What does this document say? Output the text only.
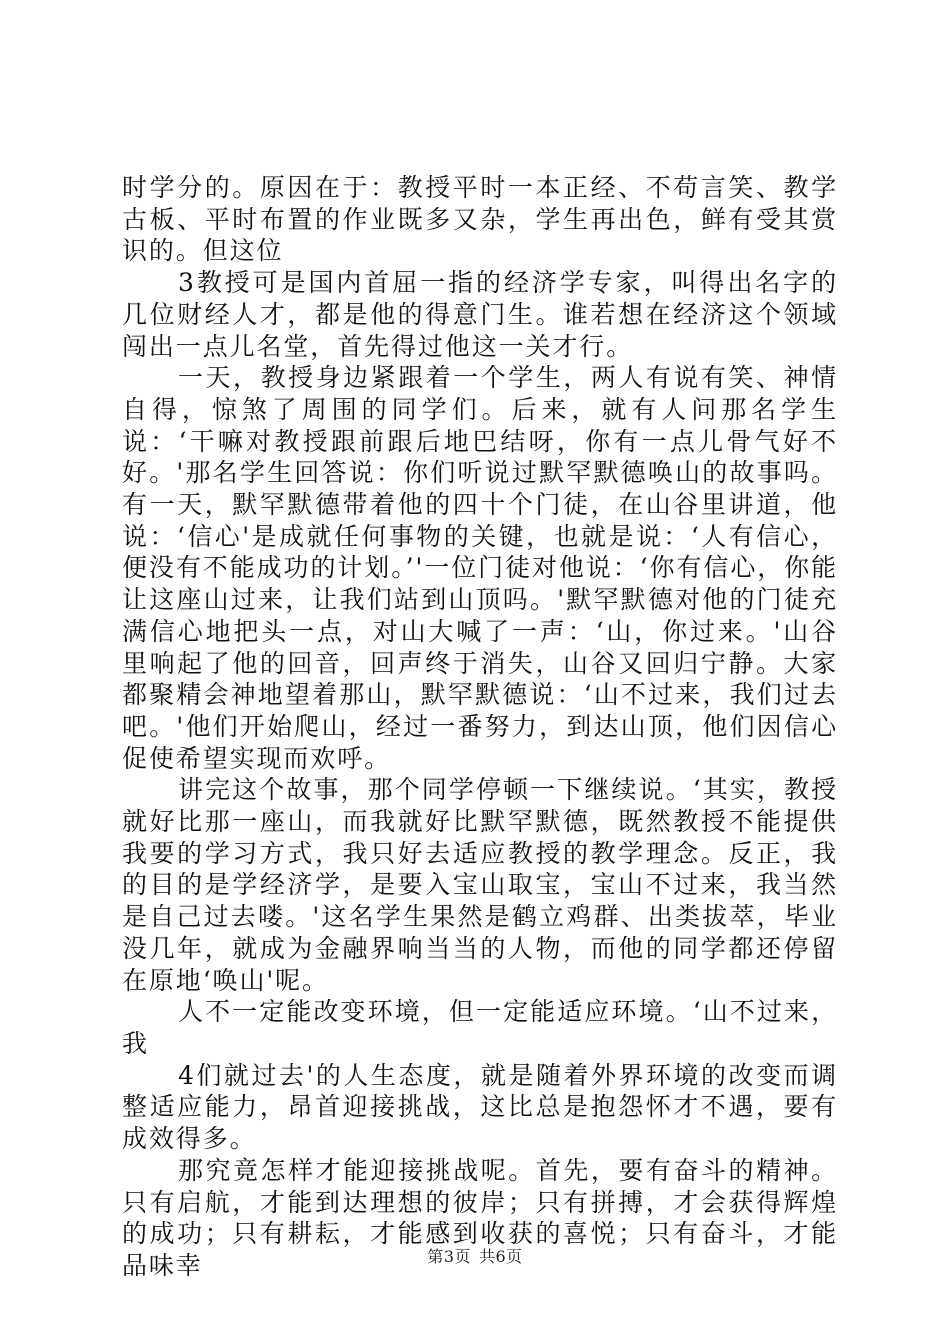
时学分的。原因在于：教授平时一本正经、不苟言笑、教学古板、平时布置的作业既多又杂，学生再出色，鲜有受其赏识的。但这位

3教授可是国内首屈一指的经济学专家，叫得出名字的几位财经人才，都是他的得意门生。谁若想在经济这个领域闯出一点儿名堂，首先得过他这一关才行。

一天，教授身边紧跟着一个学生，两人有说有笑、神情自得，惊煞了周围的同学们。后来，就有人问那名学生说：‘干嘛对教授跟前跟后地巴结呀，你有一点儿骨气好不好。'那名学生回答说：你们听说过默罕默德唤山的故事吗。有一天，默罕默德带着他的四十个门徒，在山谷里讲道，他说：‘信心'是成就任何事物的关键，也就是说：‘人有信心，便没有不能成功的计划。’'一位门徒对他说：‘你有信心，你能让这座山过来，让我们站到山顶吗。'默罕默德对他的门徒充满信心地把头一点，对山大喊了一声：‘山，你过来。'山谷里响起了他的回音，回声终于消失，山谷又回归宁静。大家都聚精会神地望着那山，默罕默德说：‘山不过来，我们过去吧。'他们开始爬山，经过一番努力，到达山顶，他们因信心促使希望实现而欢呼。

讲完这个故事，那个同学停顿一下继续说。‘其实，教授就好比那一座山，而我就好比默罕默德，既然教授不能提供我要的学习方式，我只好去适应教授的教学理念。反正，我的目的是学经济学，是要入宝山取宝，宝山不过来，我当然是自己过去喽。'这名学生果然是鹤立鸡群、出类拔萃，毕业没几年，就成为金融界响当当的人物，而他的同学都还停留在原地‘唤山'呢。

人不一定能改变环境，但一定能适应环境。‘山不过来，我

4们就过去'的人生态度，就是随着外界环境的改变而调整适应能力，昂首迎接挑战，这比总是抱怨怀才不遇，要有成效得多。

那究竟怎样才能迎接挑战呢。首先，要有奋斗的精神。只有启航，才能到达理想的彼岸；只有拼搏，才会获得辉煌的成功；只有耕耘，才能感到收获的喜悦；只有奋斗，才能品味幸	第3页 共6页
